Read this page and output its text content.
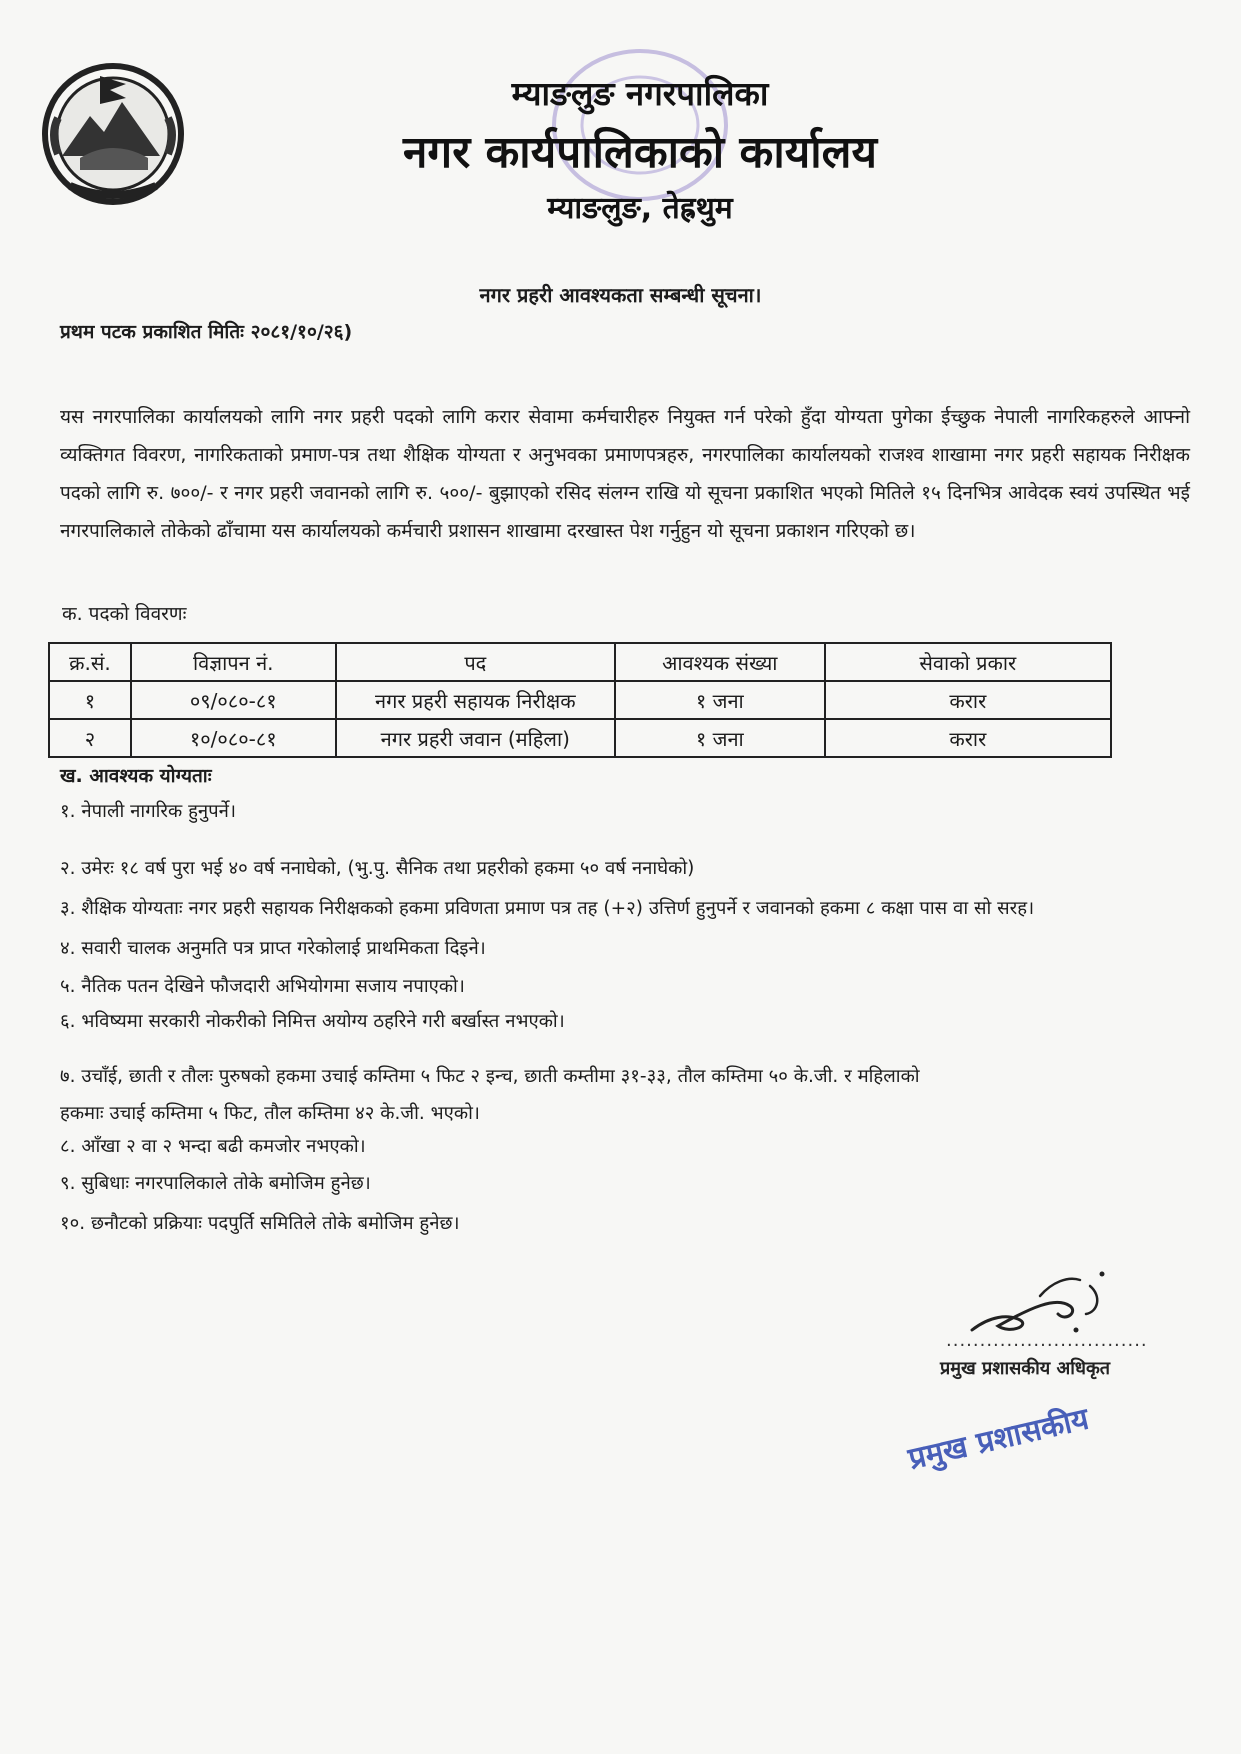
म्याङलुङ नगरपालिका
नगर कार्यपालिकाको कार्यालय
म्याङलुङ, तेह्रथुम
नगर प्रहरी आवश्यकता सम्बन्धी सूचना।
प्रथम पटक प्रकाशित मितिः २०८१/१०/२६)
यस नगरपालिका कार्यालयको लागि नगर प्रहरी पदको लागि करार सेवामा कर्मचारीहरु नियुक्त गर्न परेको हुँदा योग्यता पुगेका ईच्छुक नेपाली नागरिकहरुले आफ्नो व्यक्तिगत विवरण, नागरिकताको प्रमाण-पत्र तथा शैक्षिक योग्यता र अनुभवका प्रमाणपत्रहरु, नगरपालिका कार्यालयको राजश्व शाखामा नगर प्रहरी सहायक निरीक्षक पदको लागि रु. ७००/- र नगर प्रहरी जवानको लागि रु. ५००/- बुझाएको रसिद संलग्न राखि यो सूचना प्रकाशित भएको मितिले १५ दिनभित्र आवेदक स्वयं उपस्थित भई नगरपालिकाले तोकेको ढाँचामा यस कार्यालयको कर्मचारी प्रशासन शाखामा दरखास्त पेश गर्नुहुन यो सूचना प्रकाशन गरिएको छ।
क. पदको विवरणः
क्र.सं.	विज्ञापन नं.	पद	आवश्यक संख्या	सेवाको प्रकार
१	०९/०८०-८१	नगर प्रहरी सहायक निरीक्षक	१ जना	करार
२	१०/०८०-८१	नगर प्रहरी जवान (महिला)	१ जना	करार
ख. आवश्यक योग्यताः
१. नेपाली नागरिक हुनुपर्ने।
२. उमेरः १८ वर्ष पुरा भई ४० वर्ष ननाघेको, (भु.पु. सैनिक तथा प्रहरीको हकमा ५० वर्ष ननाघेको)
३. शैक्षिक योग्यताः नगर प्रहरी सहायक निरीक्षकको हकमा प्रविणता प्रमाण पत्र तह (+२) उत्तिर्ण हुनुपर्ने र जवानको हकमा ८ कक्षा पास वा सो सरह।
४. सवारी चालक अनुमति पत्र प्राप्त गरेकोलाई प्राथमिकता दिइने।
५. नैतिक पतन देखिने फौजदारी अभियोगमा सजाय नपाएको।
६. भविष्यमा सरकारी नोकरीको निमित्त अयोग्य ठहरिने गरी बर्खास्त नभएको।
७. उचाँई, छाती र तौलः पुरुषको हकमा उचाई कम्तिमा ५ फिट २ इन्च, छाती कम्तीमा ३१-३३, तौल कम्तिमा ५० के.जी. र महिलाको
हकमाः उचाई कम्तिमा ५ फिट, तौल कम्तिमा ४२ के.जी. भएको।
८. आँखा २ वा २ भन्दा बढी कमजोर नभएको।
९. सुबिधाः नगरपालिकाले तोके बमोजिम हुनेछ।
१०. छनौटको प्रक्रियाः पदपुर्ति समितिले तोके बमोजिम हुनेछ।
..............................
प्रमुख प्रशासकीय अधिकृत
प्रमुख प्रशासकीय
